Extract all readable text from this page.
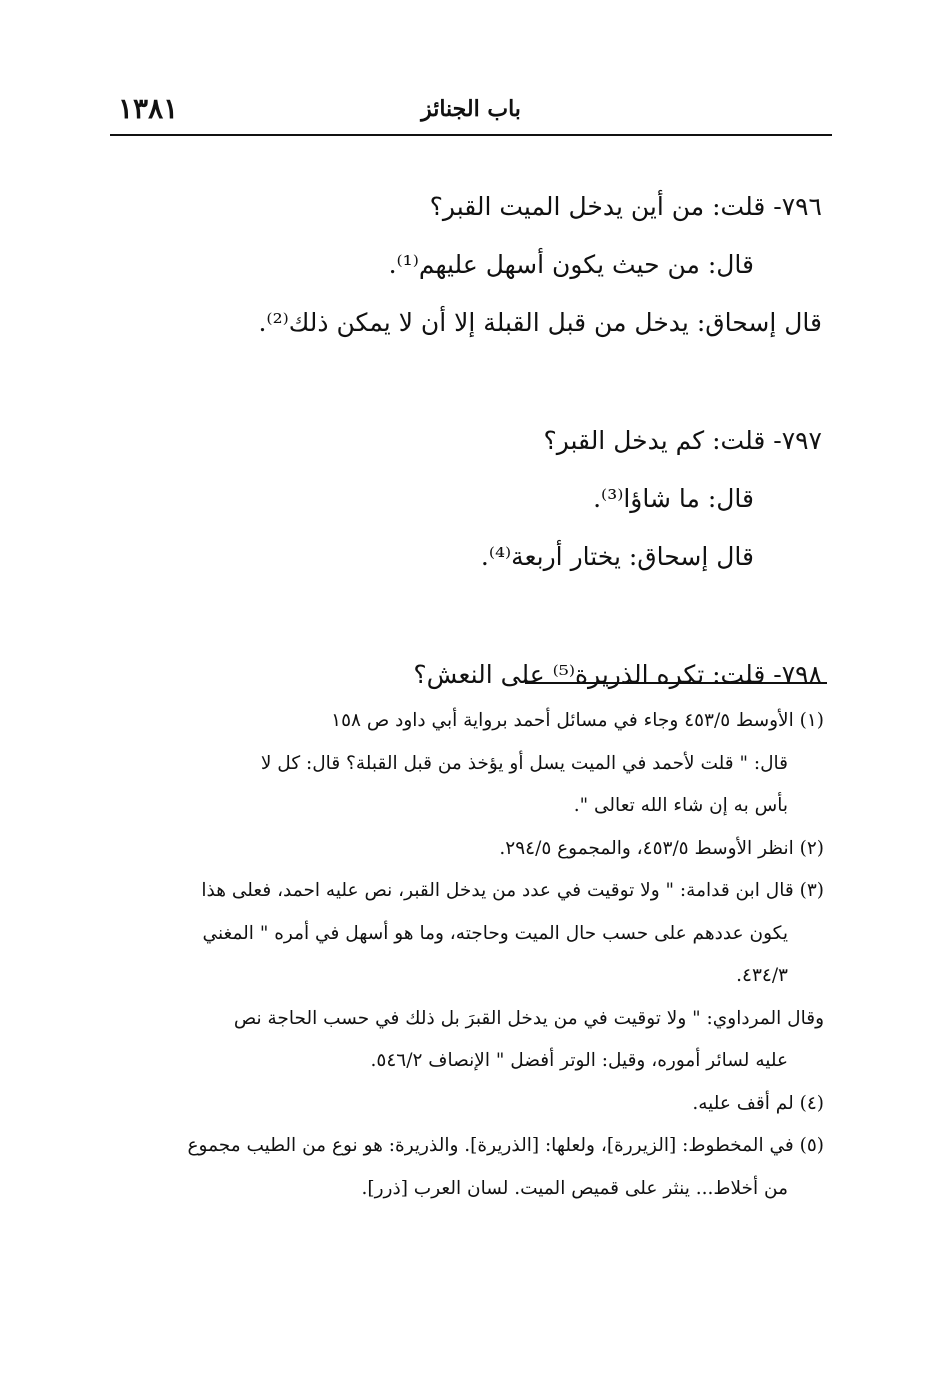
١٣٨١	باب الجنائز
٧٩٦- قلت: من أين يدخل الميت القبر؟
قال: من حيث يكون أسهل عليهم⁽¹⁾.
قال إسحاق: يدخل من قبل القبلة إلا أن لا يمكن ذلك⁽²⁾.
٧٩٧- قلت: كم يدخل القبر؟
قال: ما شاؤا⁽³⁾.
قال إسحاق: يختار أربعة⁽⁴⁾.
٧٩٨- قلت: تكره الذريرة⁽⁵⁾ على النعش؟
(١) الأوسط ٤٥٣/٥ وجاء في مسائل أحمد برواية أبي داود ص ١٥٨
قال: " قلت لأحمد في الميت يسل أو يؤخذ من قبل القبلة؟ قال: كل لا
بأس به إن شاء الله تعالى ".
(٢) انظر الأوسط ٤٥٣/٥، والمجموع ٢٩٤/٥.
(٣) قال ابن قدامة: " ولا توقيت في عدد من يدخل القبر، نص عليه احمد، فعلى هذا
يكون عددهم على حسب حال الميت وحاجته، وما هو أسهل في أمره " المغني
٤٣٤/٣.
وقال المرداوي: " ولا توقيت في من يدخل القبرَ بل ذلك في حسب الحاجة نص
عليه لسائر أموره، وقيل: الوتر أفضل " الإنصاف ٥٤٦/٢.
(٤) لم أقف عليه.
(٥) في المخطوط: [الزيررة]، ولعلها: [الذريرة]. والذريرة: هو نوع من الطيب مجموع
من أخلاط... ينثر على قميص الميت. لسان العرب [ذرر].
